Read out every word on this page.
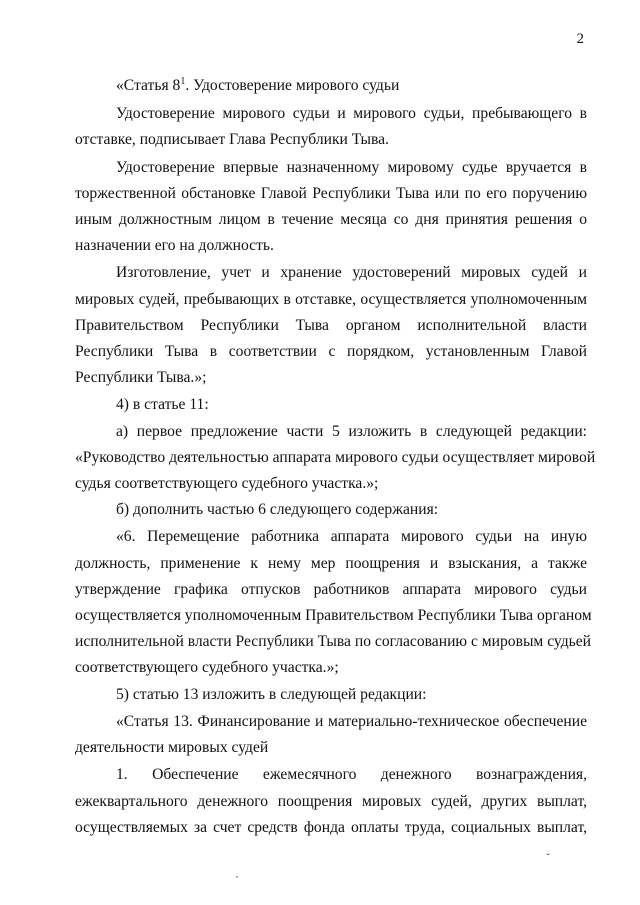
2
«Статья $8^1$. Удостоверение мирового судьи
Удостоверение мирового судьи и мирового судьи, пребывающего в
отставке, подписывает Глава Республики Тыва.
Удостоверение впервые назначенному мировому судье вручается в
торжественной обстановке Главой Республики Тыва или по его поручению
иным должностным лицом в течение месяца со дня принятия решения о
назначении его на должность.
Изготовление, учет и хранение удостоверений мировых судей и
мировых судей, пребывающих в отставке, осуществляется уполномоченным
Правительством Республики Тыва органом исполнительной власти
Республики Тыва в соответствии с порядком, установленным Главой
Республики Тыва.»;
4) в статье 11:
а) первое предложение части 5 изложить в следующей редакции:
«Руководство деятельностью аппарата мирового судьи осуществляет мировой
судья соответствующего судебного участка.»;
б) дополнить частью 6 следующего содержания:
«6. Перемещение работника аппарата мирового судьи на иную
должность, применение к нему мер поощрения и взыскания, а также
утверждение графика отпусков работников аппарата мирового судьи
осуществляется уполномоченным Правительством Республики Тыва органом
исполнительной власти Республики Тыва по согласованию с мировым судьей
соответствующего судебного участка.»;
5) статью 13 изложить в следующей редакции:
«Статья 13. Финансирование и материально-техническое обеспечение
деятельности мировых судей
1. Обеспечение ежемесячного денежного вознаграждения,
ежеквартального денежного поощрения мировых судей, других выплат,
осуществляемых за счет средств фонда оплаты труда, социальных выплат,
ˇ
